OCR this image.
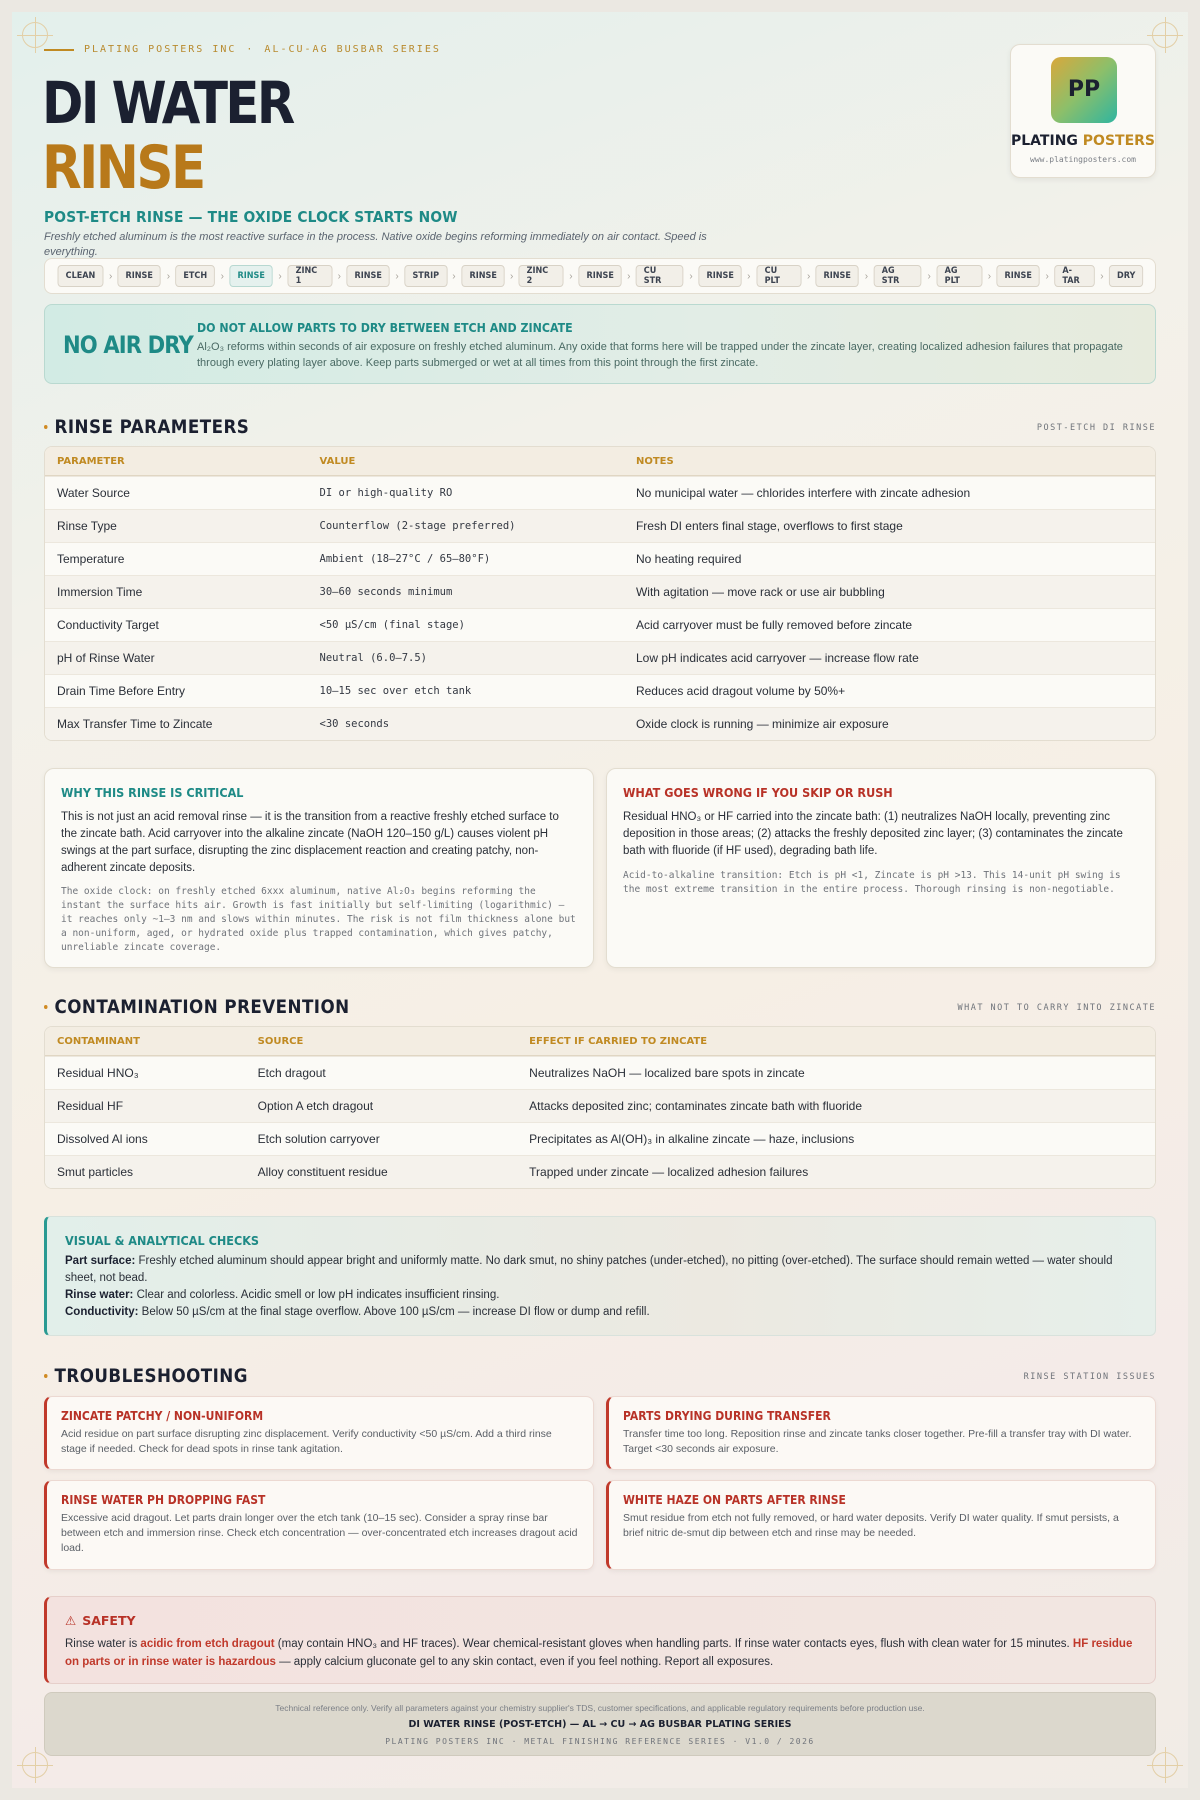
PLATING POSTERS INC · AL-CU-AG BUSBAR SERIES
DI WATER
RINSE
POST-ETCH RINSE — THE OXIDE CLOCK STARTS NOW
Freshly etched aluminum is the most reactive surface in the process. Native oxide begins reforming immediately on air contact. Speed is everything.
PP
PLATING POSTERS
www.platingposters.com
CLEAN	›	RINSE	›	ETCH	›	RINSE	›	ZINC 1	›	RINSE	›	STRIP	›	RINSE	›	ZINC 2	›	RINSE	›	CU STR	›	RINSE	›	CU PLT	›	RINSE	›	AG STR	›	AG PLT	›	RINSE	›	A-TAR	›	DRY
NO AIR DRY
DO NOT ALLOW PARTS TO DRY BETWEEN ETCH AND ZINCATE
Al₂O₃ reforms within seconds of air exposure on freshly etched aluminum. Any oxide that forms here will be trapped under the zincate layer, creating localized adhesion failures that propagate through every plating layer above. Keep parts submerged or wet at all times from this point through the first zincate.
RINSE PARAMETERS	POST-ETCH DI RINSE
PARAMETER	VALUE	NOTES
Water Source	DI or high-quality RO	No municipal water — chlorides interfere with zincate adhesion
Rinse Type	Counterflow (2-stage preferred)	Fresh DI enters final stage, overflows to first stage
Temperature	Ambient (18–27°C / 65–80°F)	No heating required
Immersion Time	30–60 seconds minimum	With agitation — move rack or use air bubbling
Conductivity Target	<50 µS/cm (final stage)	Acid carryover must be fully removed before zincate
pH of Rinse Water	Neutral (6.0–7.5)	Low pH indicates acid carryover — increase flow rate
Drain Time Before Entry	10–15 sec over etch tank	Reduces acid dragout volume by 50%+
Max Transfer Time to Zincate	<30 seconds	Oxide clock is running — minimize air exposure
WHY THIS RINSE IS CRITICAL
This is not just an acid removal rinse — it is the transition from a reactive freshly etched surface to the zincate bath. Acid carryover into the alkaline zincate (NaOH 120–150 g/L) causes violent pH swings at the part surface, disrupting the zinc displacement reaction and creating patchy, non-adherent zincate deposits.
The oxide clock: on freshly etched 6xxx aluminum, native Al₂O₃ begins reforming the instant the surface hits air. Growth is fast initially but self-limiting (logarithmic) — it reaches only ~1–3 nm and slows within minutes. The risk is not film thickness alone but a non-uniform, aged, or hydrated oxide plus trapped contamination, which gives patchy, unreliable zincate coverage.
WHAT GOES WRONG IF YOU SKIP OR RUSH
Residual HNO₃ or HF carried into the zincate bath: (1) neutralizes NaOH locally, preventing zinc deposition in those areas; (2) attacks the freshly deposited zinc layer; (3) contaminates the zincate bath with fluoride (if HF used), degrading bath life.
Acid-to-alkaline transition: Etch is pH <1, Zincate is pH >13. This 14-unit pH swing is the most extreme transition in the entire process. Thorough rinsing is non-negotiable.
CONTAMINATION PREVENTION	WHAT NOT TO CARRY INTO ZINCATE
CONTAMINANT	SOURCE	EFFECT IF CARRIED TO ZINCATE
Residual HNO₃	Etch dragout	Neutralizes NaOH — localized bare spots in zincate
Residual HF	Option A etch dragout	Attacks deposited zinc; contaminates zincate bath with fluoride
Dissolved Al ions	Etch solution carryover	Precipitates as Al(OH)₃ in alkaline zincate — haze, inclusions
Smut particles	Alloy constituent residue	Trapped under zincate — localized adhesion failures
VISUAL & ANALYTICAL CHECKS
Part surface: Freshly etched aluminum should appear bright and uniformly matte. No dark smut, no shiny patches (under-etched), no pitting (over-etched). The surface should remain wetted — water should sheet, not bead.
Rinse water: Clear and colorless. Acidic smell or low pH indicates insufficient rinsing.
Conductivity: Below 50 µS/cm at the final stage overflow. Above 100 µS/cm — increase DI flow or dump and refill.
TROUBLESHOOTING	RINSE STATION ISSUES
ZINCATE PATCHY / NON-UNIFORM
Acid residue on part surface disrupting zinc displacement. Verify conductivity <50 µS/cm. Add a third rinse stage if needed. Check for dead spots in rinse tank agitation.
PARTS DRYING DURING TRANSFER
Transfer time too long. Reposition rinse and zincate tanks closer together. Pre-fill a transfer tray with DI water. Target <30 seconds air exposure.
RINSE WATER PH DROPPING FAST
Excessive acid dragout. Let parts drain longer over the etch tank (10–15 sec). Consider a spray rinse bar between etch and immersion rinse. Check etch concentration — over-concentrated etch increases dragout acid load.
WHITE HAZE ON PARTS AFTER RINSE
Smut residue from etch not fully removed, or hard water deposits. Verify DI water quality. If smut persists, a brief nitric de-smut dip between etch and rinse may be needed.
⚠ SAFETY
Rinse water is acidic from etch dragout (may contain HNO₃ and HF traces). Wear chemical-resistant gloves when handling parts. If rinse water contacts eyes, flush with clean water for 15 minutes. HF residue on parts or in rinse water is hazardous — apply calcium gluconate gel to any skin contact, even if you feel nothing. Report all exposures.
Technical reference only. Verify all parameters against your chemistry supplier's TDS, customer specifications, and applicable regulatory requirements before production use.
DI WATER RINSE (POST-ETCH) — AL → CU → AG BUSBAR PLATING SERIES
PLATING POSTERS INC · METAL FINISHING REFERENCE SERIES · V1.0 / 2026
